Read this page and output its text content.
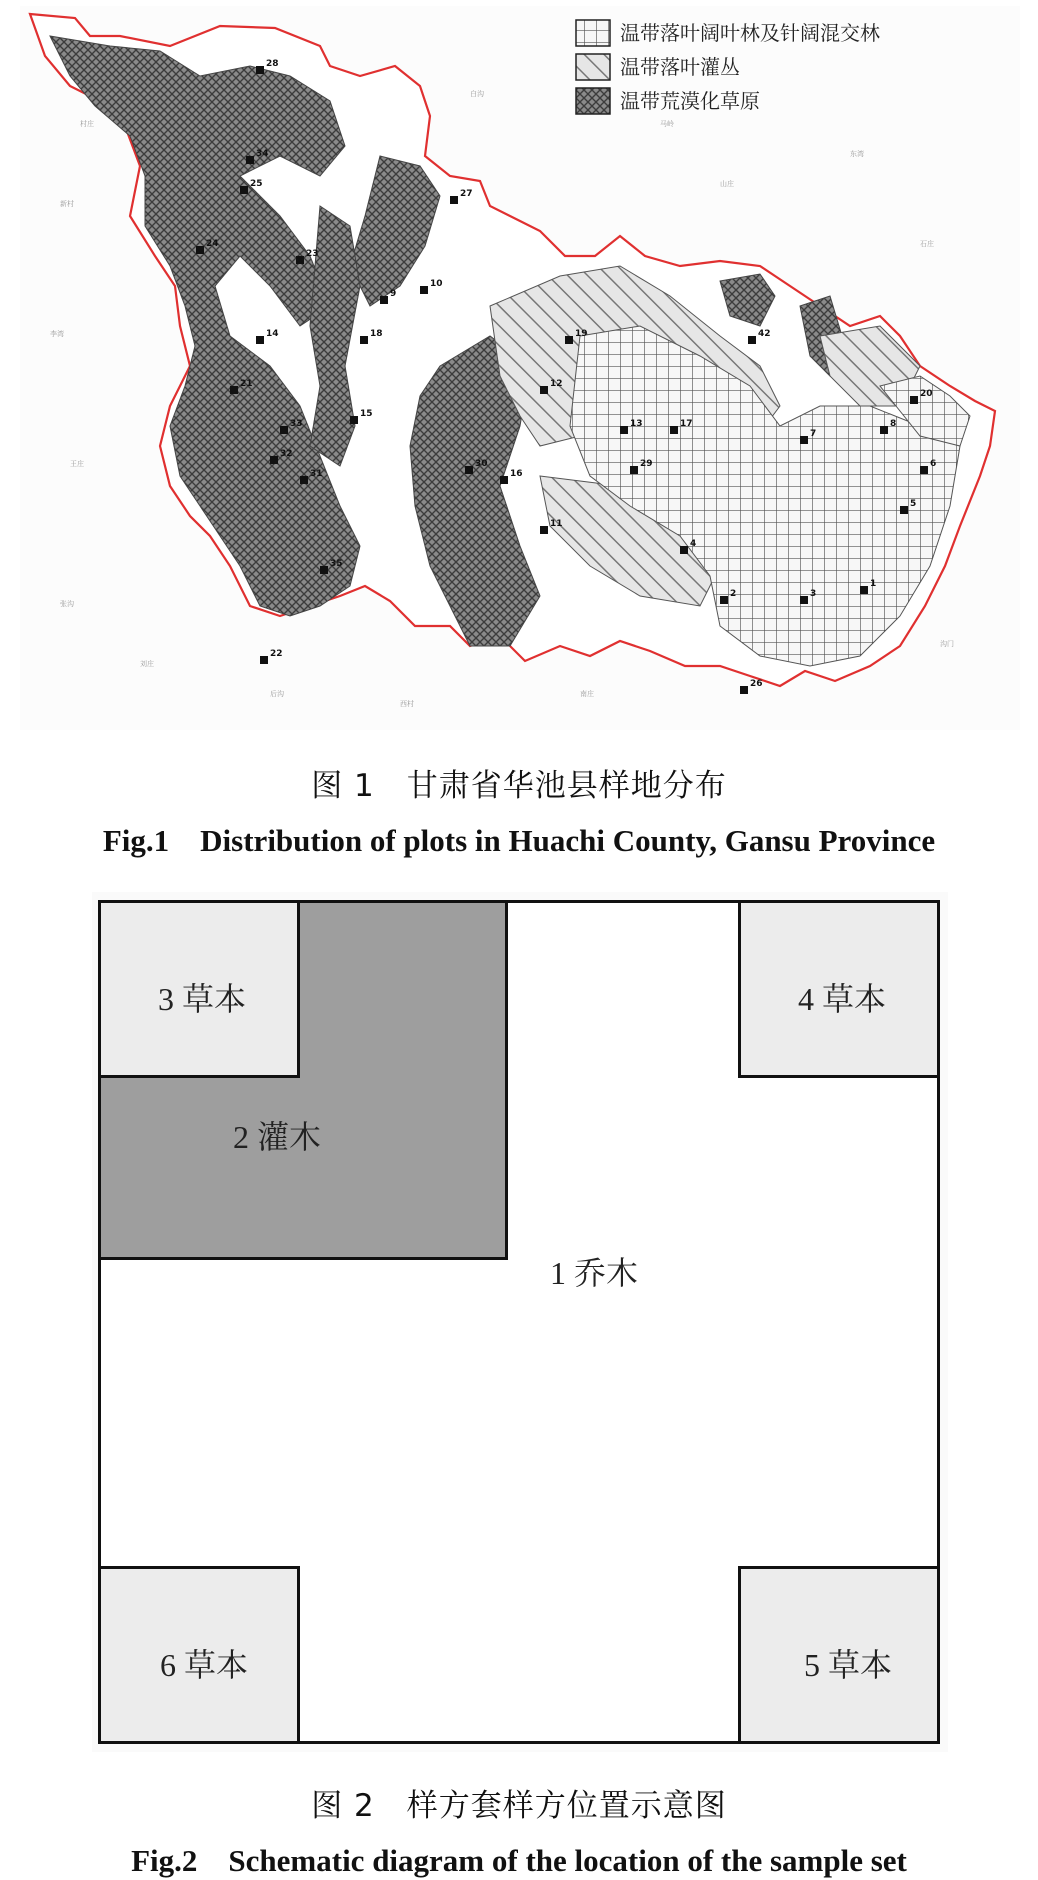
村庄
新村
李湾
王庄
张沟
刘庄
白沟
马岭
山庄
东湾
石庄
沟门
南庄
西村
后沟
28
34
25
24
23
14
21
33
32
31
35
22
9
10
27
18
15
30
19
12
16
11
13	17
29
42
20
8
7
6
5
1
3
2
4
26
温带落叶阔叶林及针阔混交林
温带落叶灌丛
温带荒漠化草原
图 1　甘肃省华池县样地分布
Fig.1　Distribution of plots in Huachi County, Gansu Province
3 草本	4 草本
2 灌木
1 乔木
6 草本	5 草本
图 2　样方套样方位置示意图
Fig.2　Schematic diagram of the location of the sample set
